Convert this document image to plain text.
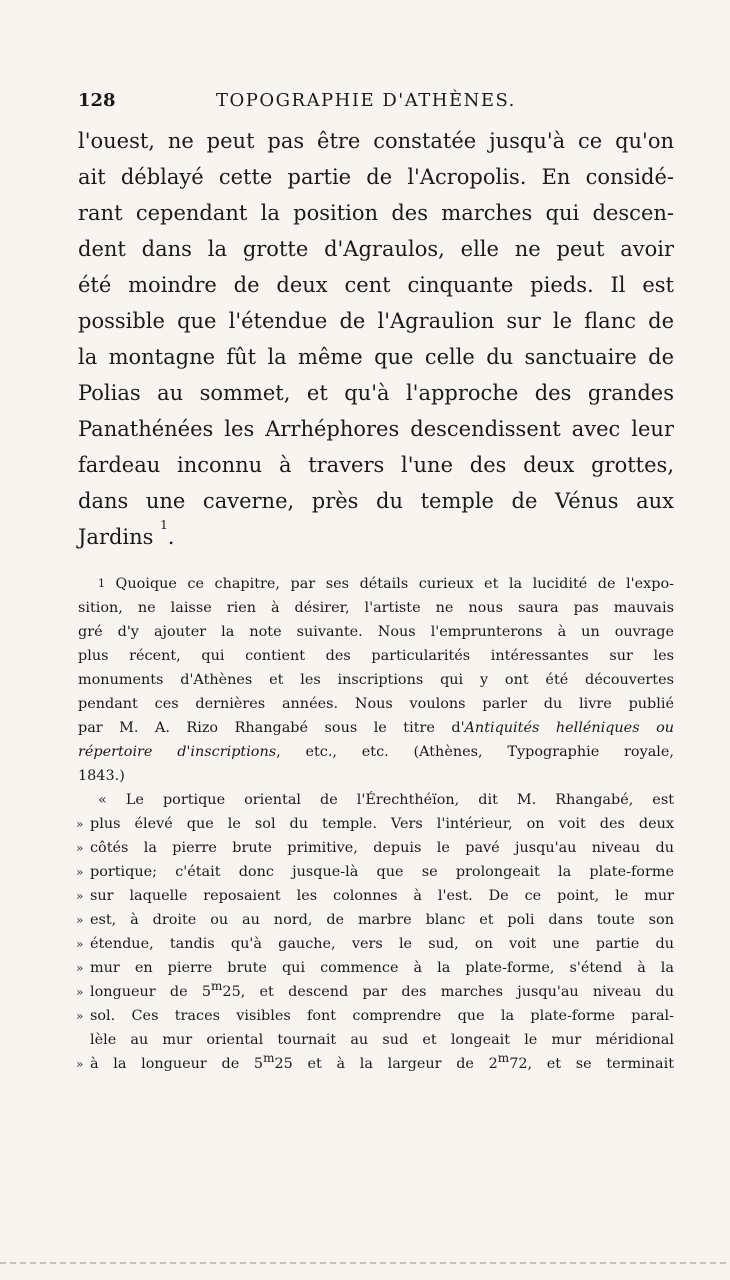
128	TOPOGRAPHIE D'ATHÈNES.
l'ouest, ne peut pas être constatée jusqu'à ce qu'on
ait déblayé cette partie de l'Acropolis. En considé-
rant cependant la position des marches qui descen-
dent dans la grotte d'Agraulos, elle ne peut avoir
été moindre de deux cent cinquante pieds. Il est
possible que l'étendue de l'Agraulion sur le flanc de
la montagne fût la même que celle du sanctuaire de
Polias au sommet, et qu'à l'approche des grandes
Panathénées les Arrhéphores descendissent avec leur
fardeau inconnu à travers l'une des deux grottes,
dans une caverne, près du temple de Vénus aux
Jardins $^1$.
$^1$ Quoique ce chapitre, par ses détails curieux et la lucidité de l'expo-
sition, ne laisse rien à désirer, l'artiste ne nous saura pas mauvais
gré d'y ajouter la note suivante. Nous l'emprunterons à un ouvrage
plus récent, qui contient des particularités intéressantes sur les
monuments d'Athènes et les inscriptions qui y ont été découvertes
pendant ces dernières années. Nous voulons parler du livre publié
par M. A. Rizo Rhangabé sous le titre d'Antiquités helléniques ou
répertoire d'inscriptions, etc., etc. (Athènes, Typographie royale,
1843.)
« Le portique oriental de l'Érechthéïon, dit M. Rhangabé, est
» plus élevé que le sol du temple. Vers l'intérieur, on voit des deux
» côtés la pierre brute primitive, depuis le pavé jusqu'au niveau du
» portique; c'était donc jusque-là que se prolongeait la plate-forme
» sur laquelle reposaient les colonnes à l'est. De ce point, le mur
» est, à droite ou au nord, de marbre blanc et poli dans toute son
» étendue, tandis qu'à gauche, vers le sud, on voit une partie du
» mur en pierre brute qui commence à la plate-forme, s'étend à la
» longueur de 5$^m$25, et descend par des marches jusqu'au niveau du
» sol. Ces traces visibles font comprendre que la plate-forme paral-
lèle au mur oriental tournait au sud et longeait le mur méridional
» à la longueur de 5$^m$25 et à la largeur de 2$^m$72, et se terminait
